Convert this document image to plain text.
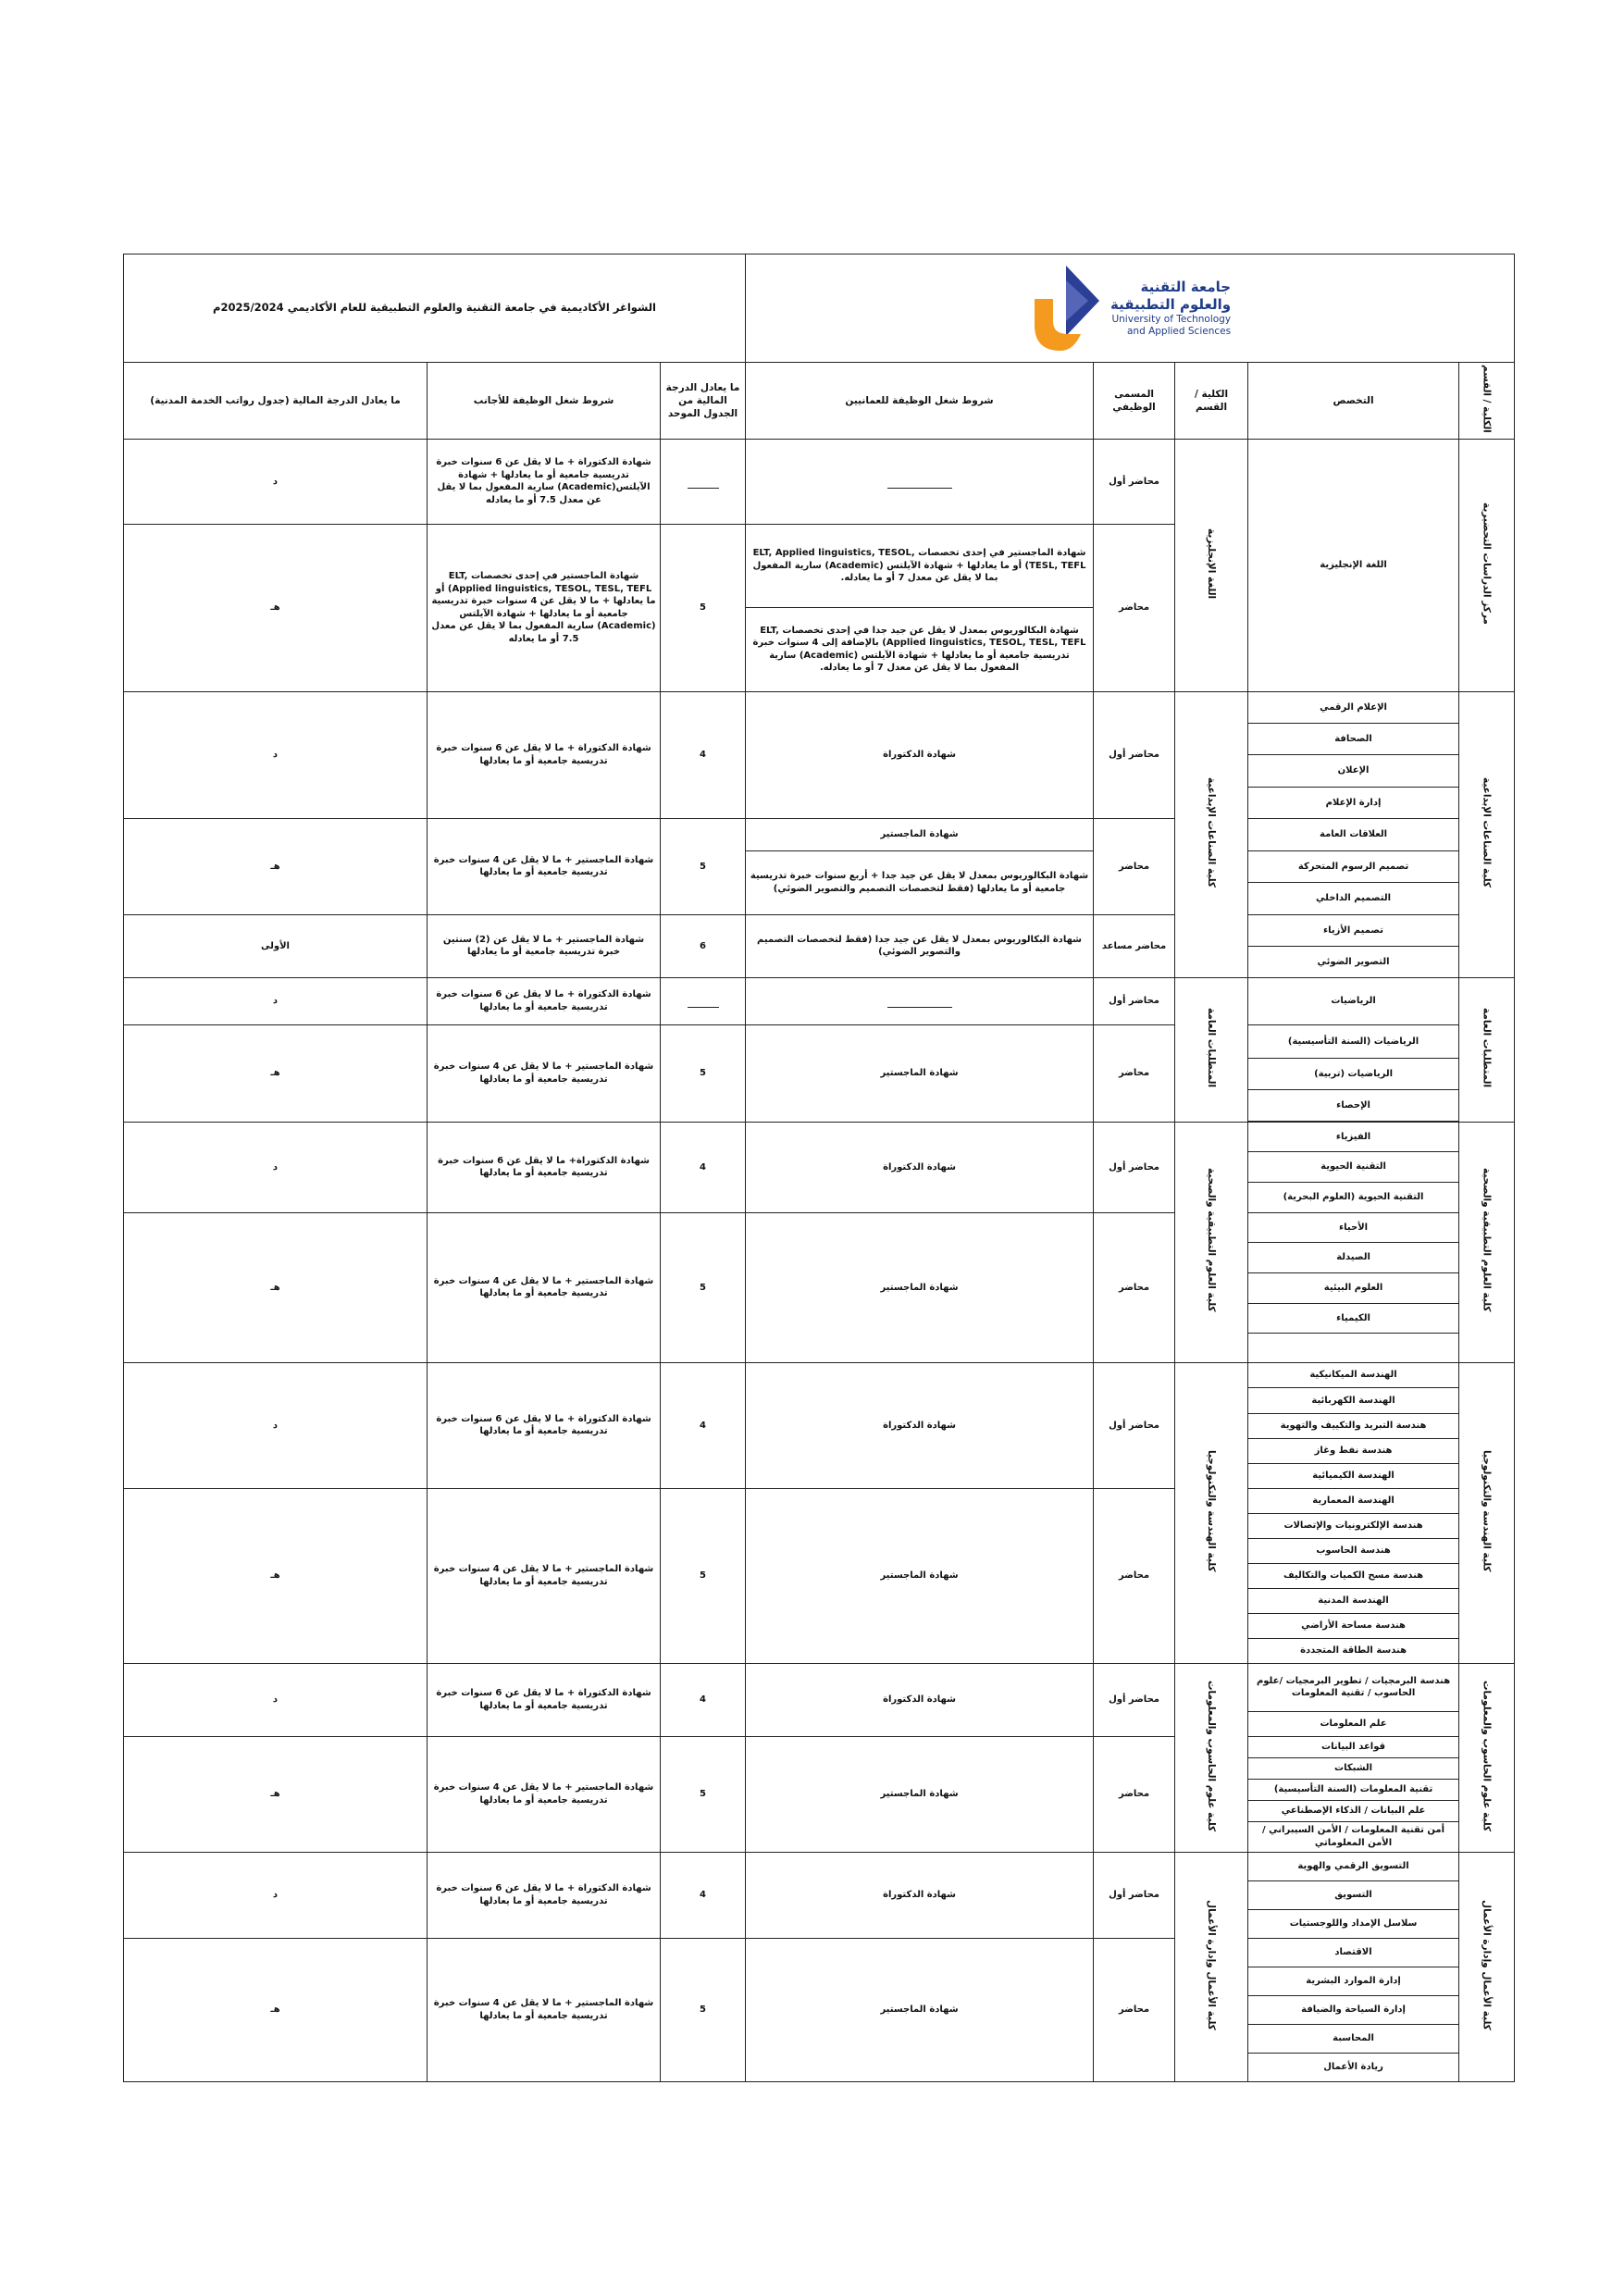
جامعة التقنية
والعلوم التطبيقية
University of Technology
and Applied Sciences					الشواغر الأكاديمية في جامعة التقنية والعلوم التطبيقية للعام الأكاديمي 2025/2024م		
الكلية / القسم	التخصص	الكلية / القسم	المسمى الوظيفي	شروط شغل الوظيفة للعمانيين	ما يعادل الدرجة المالية من الجدول الموحد	شروط شغل الوظيفة للأجانب	ما يعادل الدرجة المالية (جدول رواتب الخدمة المدنية)
مركز الدراسات التحضيرية	اللغة الإنجليزية	اللغة الإنجليزية	محاضر أول			شهادة الدكتوراة + ما لا يقل عن 6 سنوات خبرة تدريسية جامعية أو ما يعادلها + شهادة الآيلتس(Academic) سارية المفعول بما لا يقل عن معدل 7.5 أو ما يعادله	د
			محاضر	شهادة الماجستير في إحدى تخصصات ELT, Applied linguistics, TESOL, TESL, TEFL) أو ما يعادلها + شهادة الآيلتس (Academic) سارية المفعول بما لا يقل عن معدل 7 أو ما يعادله.	5	شهادة الماجستير في إحدى تخصصات ELT, Applied linguistics, TESOL, TESL, TEFL) أو ما يعادلها + ما لا يقل عن 4 سنوات خبرة تدريسية جامعية أو ما يعادلها + شهادة الآيلتس (Academic) سارية المفعول بما لا يقل عن معدل 7.5 أو ما يعادله	هـ
				شهادة البكالوريوس بمعدل لا يقل عن جيد جدا في إحدى تخصصات ELT, Applied linguistics, TESOL, TESL, TEFL) بالإضافة إلى 4 سنوات خبرة تدريسية جامعية أو ما يعادلها + شهادة الآيلتس (Academic) سارية المفعول بما لا يقل عن معدل 7 أو ما يعادله.			
كلية الصناعات الإبداعية	الإعلام الرقمي	كلية الصناعات الإبداعية	محاضر أول	شهادة الدكتوراة	4	شهادة الدكتوراة + ما لا يقل عن 6 سنوات خبرة تدريسية جامعية أو ما يعادلها	د
	الصحافة						
	الإعلان						
	إدارة الإعلام						
	العلاقات العامة		محاضر	شهادة الماجستير	5	شهادة الماجستير + ما لا يقل عن 4 سنوات خبرة تدريسية جامعية أو ما يعادلها	هـ
	تصميم الرسوم المتحركة			شهادة البكالوريوس بمعدل لا يقل عن جيد جدا + أربع سنوات خبرة تدريسية جامعية أو ما يعادلها (فقط لتخصصات التصميم والتصوير الضوئي)			
	التصميم الداخلي						
	تصميم الأزياء		محاضر مساعد	شهادة البكالوريوس بمعدل لا يقل عن جيد جدا (فقط لتخصصات التصميم والتصوير الضوئي)	6	شهادة الماجستير + ما لا يقل عن (2) سنتين خبرة تدريسية جامعية أو ما يعادلها	الأولى
	التصوير الضوئي						
المتطلبات العامة	الرياضيات	المتطلبات العامة	محاضر أول			شهادة الدكتوراة + ما لا يقل عن 6 سنوات خبرة تدريسية جامعية أو ما يعادلها	د
	الرياضيات (السنة التأسيسية)		محاضر	شهادة الماجستير	5	شهادة الماجستير + ما لا يقل عن 4 سنوات خبرة تدريسية جامعية أو ما يعادلها	هـ
	الرياضيات (تربية)						
	الإحصاء						

كلية العلوم التطبيقية والصحية	الفيزياء	كلية العلوم التطبيقية والصحية	محاضر أول	شهادة الدكتوراة	4	شهادة الدكتوراة+ ما لا يقل عن 6 سنوات خبرة تدريسية جامعية أو ما يعادلها	د
	التقنية الحيوية						
	التقنية الحيوية (العلوم البحرية)						
	الأحياء		محاضر	شهادة الماجستير	5	شهادة الماجستير + ما لا يقل عن 4 سنوات خبرة تدريسية جامعية أو ما يعادلها	هـ
	الصيدلة						
	العلوم البيئية						
	الكيمياء						

كلية الهندسة والتكنولوجيا	الهندسة الميكانيكية	كلية الهندسة والتكنولوجيا	محاضر أول	شهادة الدكتوراة	4	شهادة الدكتوراة + ما لا يقل عن 6 سنوات خبرة تدريسية جامعية أو ما يعادلها	د
	الهندسة الكهربائية						
	هندسة التبريد والتكييف والتهوية						
	هندسة نفط وغاز						
	الهندسة الكيميائية						
	الهندسة المعمارية		محاضر	شهادة الماجستير	5	شهادة الماجستير + ما لا يقل عن 4 سنوات خبرة تدريسية جامعية أو ما يعادلها	هـ
	هندسة الإلكترونيات والإتصالات						
	هندسة الحاسوب						
	هندسة مسح الكميات والتكاليف						
	الهندسة المدنية						
	هندسة مساحة الأراضي						
	هندسة الطاقة المتجددة						
كلية علوم الحاسوب والمعلومات	هندسة البرمجيات / تطوير البرمجيات /علوم الحاسوب / تقنية المعلومات	كلية علوم الحاسوب والمعلومات	محاضر أول	شهادة الدكتوراة	4	شهادة الدكتوراة + ما لا يقل عن 6 سنوات خبرة تدريسية جامعية أو ما يعادلها	د
	علم المعلومات						
	قواعد البيانات		محاضر	شهادة الماجستير	5	شهادة الماجستير + ما لا يقل عن 4 سنوات خبرة تدريسية جامعية أو ما يعادلها	هـ
	الشبكات						
	تقنية المعلومات (السنة التأسيسية)						
	علم البيانات / الذكاء الإصطناعي						
	أمن تقنية المعلومات / الأمن السيبراني / الأمن المعلوماتي						
كلية الأعمال وإدارة الأعمال	التسويق الرقمي والهوية	كلية الأعمال وإدارة الأعمال	محاضر أول	شهادة الدكتوراة	4	شهادة الدكتوراة + ما لا يقل عن 6 سنوات خبرة تدريسية جامعية أو ما يعادلها	د
	التسويق						
	سلاسل الإمداد واللوجستيات						
	الاقتصاد		محاضر	شهادة الماجستير	5	شهادة الماجستير + ما لا يقل عن 4 سنوات خبرة تدريسية جامعية أو ما يعادلها	هـ
	إدارة الموارد البشرية						
	إدارة السياحة والضيافة						
	المحاسبة						
	ريادة الأعمال						
